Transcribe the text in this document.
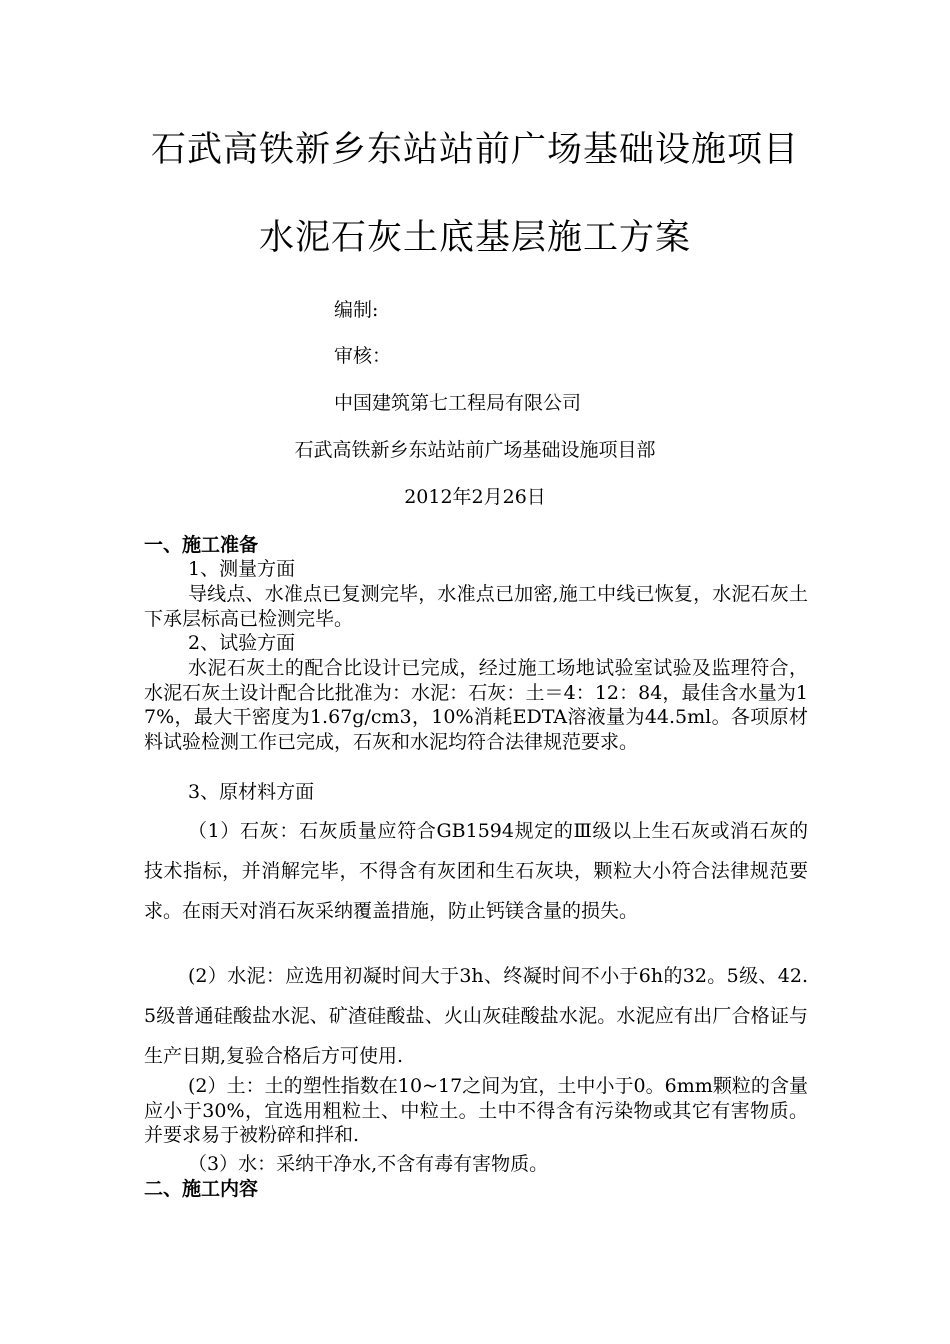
石武高铁新乡东站站前广场基础设施项目
水泥石灰土底基层施工方案
编制:
审核：
中国建筑第七工程局有限公司
石武高铁新乡东站站前广场基础设施项目部
2012年2月26日
一、施工准备
1、测量方面
导线点、水准点已复测完毕，水准点已加密,施工中线已恢复，水泥石灰土下承层标高已检测完毕。
2、试验方面
水泥石灰土的配合比设计已完成，经过施工场地试验室试验及监理符合，水泥石灰土设计配合比批准为：水泥：石灰：土＝4：12：84，最佳含水量为17%，最大干密度为1.67g/cm3，10%消耗EDTA溶液量为44.5ml。各项原材料试验检测工作已完成，石灰和水泥均符合法律规范要求。
3、原材料方面
（1）石灰：石灰质量应符合GB1594规定的Ⅲ级以上生石灰或消石灰的技术指标，并消解完毕，不得含有灰团和生石灰块，颗粒大小符合法律规范要求。在雨天对消石灰采纳覆盖措施，防止钙镁含量的损失。
(2）水泥：应选用初凝时间大于3h、终凝时间不小于6h的32。5级、42.5级普通硅酸盐水泥、矿渣硅酸盐、火山灰硅酸盐水泥。水泥应有出厂合格证与生产日期,复验合格后方可使用.
(2）土：土的塑性指数在10~17之间为宜，土中小于0。6mm颗粒的含量应小于30%，宜选用粗粒土、中粒土。土中不得含有污染物或其它有害物质。并要求易于被粉碎和拌和.
（3）水：采纳干净水,不含有毒有害物质。
二、施工内容
